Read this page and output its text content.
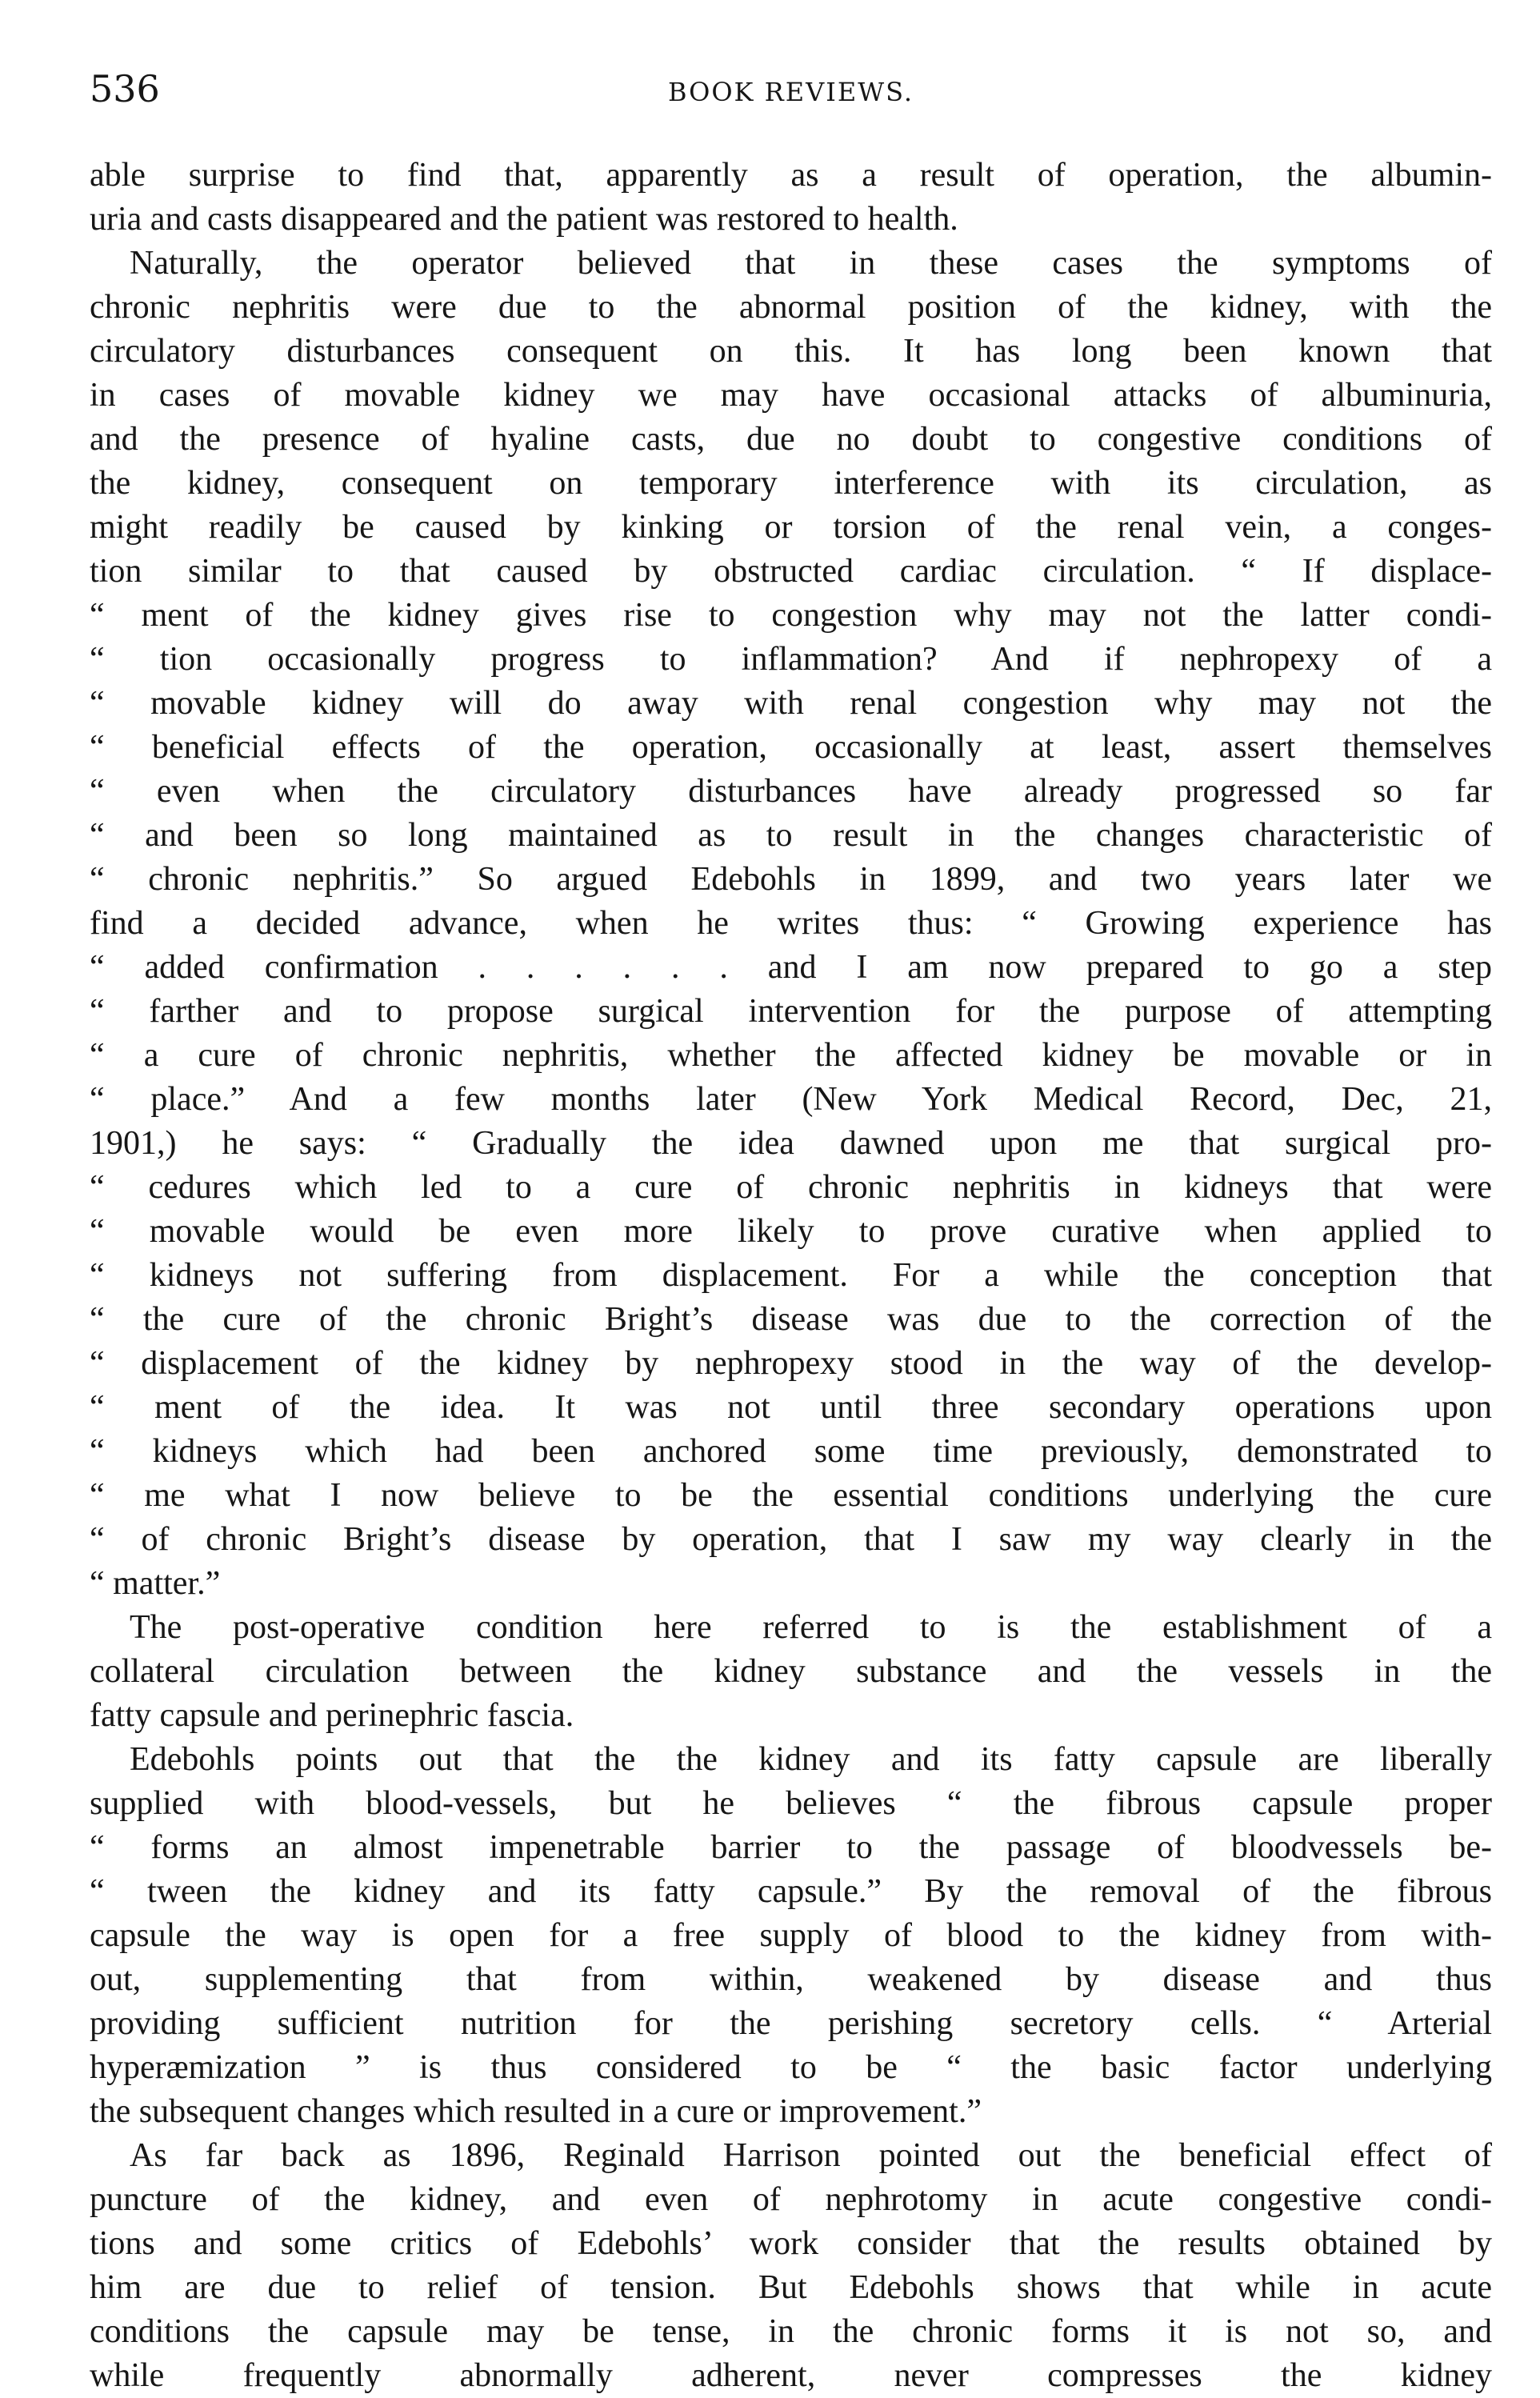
536	BOOK REVIEWS.
able surprise to find that, apparently as a result of operation, the albumin-
uria and casts disappeared and the patient was restored to health.
Naturally, the operator believed that in these cases the symptoms of
chronic nephritis were due to the abnormal position of the kidney, with the
circulatory disturbances consequent on this. It has long been known that
in cases of movable kidney we may have occasional attacks of albuminuria,
and the presence of hyaline casts, due no doubt to congestive conditions of
the kidney, consequent on temporary interference with its circulation, as
might readily be caused by kinking or torsion of the renal vein, a conges-
tion similar to that caused by obstructed cardiac circulation. “ If displace-
“ ment of the kidney gives rise to congestion why may not the latter condi-
“ tion occasionally progress to inflammation? And if nephropexy of a
“ movable kidney will do away with renal congestion why may not the
“ beneficial effects of the operation, occasionally at least, assert themselves
“ even when the circulatory disturbances have already progressed so far
“ and been so long maintained as to result in the changes characteristic of
“ chronic nephritis.” So argued Edebohls in 1899, and two years later we
find a decided advance, when he writes thus: “ Growing experience has
“ added confirmation . . . . . . and I am now prepared to go a step
“ farther and to propose surgical intervention for the purpose of attempting
“ a cure of chronic nephritis, whether the affected kidney be movable or in
“ place.” And a few months later (New York Medical Record, Dec, 21,
1901,) he says: “ Gradually the idea dawned upon me that surgical pro-
“ cedures which led to a cure of chronic nephritis in kidneys that were
“ movable would be even more likely to prove curative when applied to
“ kidneys not suffering from displacement. For a while the conception that
“ the cure of the chronic Bright’s disease was due to the correction of the
“ displacement of the kidney by nephropexy stood in the way of the develop-
“ ment of the idea. It was not until three secondary operations upon
“ kidneys which had been anchored some time previously, demonstrated to
“ me what I now believe to be the essential conditions underlying the cure
“ of chronic Bright’s disease by operation, that I saw my way clearly in the
“ matter.”
The post-operative condition here referred to is the establishment of a
collateral circulation between the kidney substance and the vessels in the
fatty capsule and perinephric fascia.
Edebohls points out that the the kidney and its fatty capsule are liberally
supplied with blood-vessels, but he believes “ the fibrous capsule proper
“ forms an almost impenetrable barrier to the passage of bloodvessels be-
“ tween the kidney and its fatty capsule.” By the removal of the fibrous
capsule the way is open for a free supply of blood to the kidney from with-
out, supplementing that from within, weakened by disease and thus
providing sufficient nutrition for the perishing secretory cells. “ Arterial
hyperæmization ” is thus considered to be “ the basic factor underlying
the subsequent changes which resulted in a cure or improvement.”
As far back as 1896, Reginald Harrison pointed out the beneficial effect of
puncture of the kidney, and even of nephrotomy in acute congestive condi-
tions and some critics of Edebohls’ work consider that the results obtained by
him are due to relief of tension. But Edebohls shows that while in acute
conditions the capsule may be tense, in the chronic forms it is not so, and
while frequently abnormally adherent, never compresses the kidney
